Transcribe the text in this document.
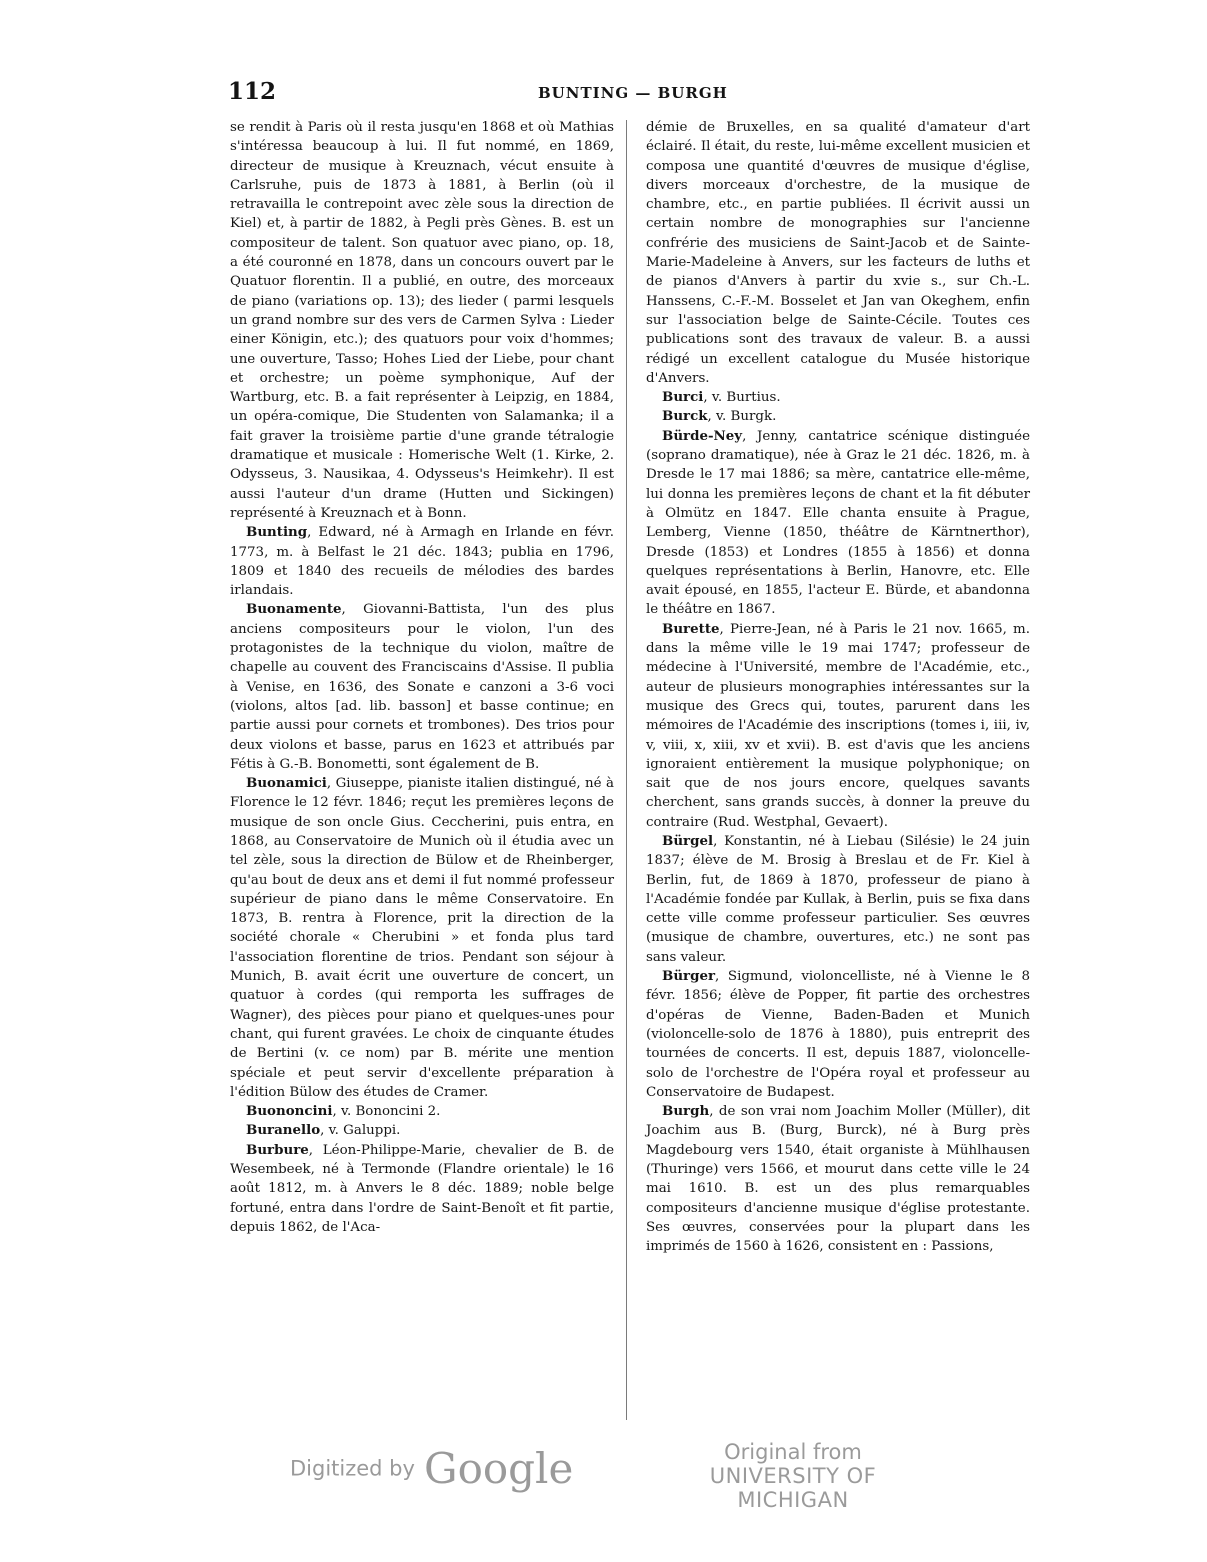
112	BUNTING — BURGH

se rendit à Paris où il resta jusqu'en 1868 et où Mathias s'intéressa beaucoup à lui. Il fut nommé, en 1869, directeur de musique à Kreuznach, vécut ensuite à Carlsruhe, puis de 1873 à 1881, à Berlin (où il retravailla le contrepoint avec zèle sous la direction de Kiel) et, à partir de 1882, à Pegli près Gènes. B. est un compositeur de talent. Son quatuor avec piano, op. 18, a été couronné en 1878, dans un concours ouvert par le Quatuor florentin. Il a publié, en outre, des morceaux de piano (variations op. 13); des lieder ( parmi lesquels un grand nombre sur des vers de Carmen Sylva : Lieder einer Königin, etc.); des quatuors pour voix d'hommes; une ouverture, Tasso; Hohes Lied der Liebe, pour chant et orchestre; un poème symphonique, Auf der Wartburg, etc. B. a fait représenter à Leipzig, en 1884, un opéra-comique, Die Studenten von Salamanka; il a fait graver la troisième partie d'une grande tétralogie dramatique et musicale : Homerische Welt (1. Kirke, 2. Odysseus, 3. Nausikaa, 4. Odysseus's Heimkehr). Il est aussi l'auteur d'un drame (Hutten und Sickingen) représenté à Kreuznach et à Bonn.

Bunting, Edward, né à Armagh en Irlande en févr. 1773, m. à Belfast le 21 déc. 1843; publia en 1796, 1809 et 1840 des recueils de mélodies des bardes irlandais.

Buonamente, Giovanni-Battista, l'un des plus anciens compositeurs pour le violon, l'un des protagonistes de la technique du violon, maître de chapelle au couvent des Franciscains d'Assise. Il publia à Venise, en 1636, des Sonate e canzoni a 3-6 voci (violons, altos [ad. lib. basson] et basse continue; en partie aussi pour cornets et trombones). Des trios pour deux violons et basse, parus en 1623 et attribués par Fétis à G.-B. Bonometti, sont également de B.

Buonamici, Giuseppe, pianiste italien distingué, né à Florence le 12 févr. 1846; reçut les premières leçons de musique de son oncle Gius. Ceccherini, puis entra, en 1868, au Conservatoire de Munich où il étudia avec un tel zèle, sous la direction de Bülow et de Rheinberger, qu'au bout de deux ans et demi il fut nommé professeur supérieur de piano dans le même Conservatoire. En 1873, B. rentra à Florence, prit la direction de la société chorale « Cherubini » et fonda plus tard l'association florentine de trios. Pendant son séjour à Munich, B. avait écrit une ouverture de concert, un quatuor à cordes (qui remporta les suffrages de Wagner), des pièces pour piano et quelques-unes pour chant, qui furent gravées. Le choix de cinquante études de Bertini (v. ce nom) par B. mérite une mention spéciale et peut servir d'excellente préparation à l'édition Bülow des études de Cramer.

Buononcini, v. Bononcini 2.

Buranello, v. Galuppi.

Burbure, Léon-Philippe-Marie, chevalier de B. de Wesembeek, né à Termonde (Flandre orientale) le 16 août 1812, m. à Anvers le 8 déc. 1889; noble belge fortuné, entra dans l'ordre de Saint-Benoît et fit partie, depuis 1862, de l'Aca-

démie de Bruxelles, en sa qualité d'amateur d'art éclairé. Il était, du reste, lui-même excellent musicien et composa une quantité d'œuvres de musique d'église, divers morceaux d'orchestre, de la musique de chambre, etc., en partie publiées. Il écrivit aussi un certain nombre de monographies sur l'ancienne confrérie des musiciens de Saint-Jacob et de Sainte-Marie-Madeleine à Anvers, sur les facteurs de luths et de pianos d'Anvers à partir du xvie s., sur Ch.-L. Hanssens, C.-F.-M. Bosselet et Jan van Okeghem, enfin sur l'association belge de Sainte-Cécile. Toutes ces publications sont des travaux de valeur. B. a aussi rédigé un excellent catalogue du Musée historique d'Anvers.

Burci, v. Burtius.

Burck, v. Burgk.

Bürde-Ney, Jenny, cantatrice scénique distinguée (soprano dramatique), née à Graz le 21 déc. 1826, m. à Dresde le 17 mai 1886; sa mère, cantatrice elle-même, lui donna les premières leçons de chant et la fit débuter à Olmütz en 1847. Elle chanta ensuite à Prague, Lemberg, Vienne (1850, théâtre de Kärntnerthor), Dresde (1853) et Londres (1855 à 1856) et donna quelques représentations à Berlin, Hanovre, etc. Elle avait épousé, en 1855, l'acteur E. Bürde, et abandonna le théâtre en 1867.

Burette, Pierre-Jean, né à Paris le 21 nov. 1665, m. dans la même ville le 19 mai 1747; professeur de médecine à l'Université, membre de l'Académie, etc., auteur de plusieurs monographies intéressantes sur la musique des Grecs qui, toutes, parurent dans les mémoires de l'Académie des inscriptions (tomes i, iii, iv, v, viii, x, xiii, xv et xvii). B. est d'avis que les anciens ignoraient entièrement la musique polyphonique; on sait que de nos jours encore, quelques savants cherchent, sans grands succès, à donner la preuve du contraire (Rud. Westphal, Gevaert).

Bürgel, Konstantin, né à Liebau (Silésie) le 24 juin 1837; élève de M. Brosig à Breslau et de Fr. Kiel à Berlin, fut, de 1869 à 1870, professeur de piano à l'Académie fondée par Kullak, à Berlin, puis se fixa dans cette ville comme professeur particulier. Ses œuvres (musique de chambre, ouvertures, etc.) ne sont pas sans valeur.

Bürger, Sigmund, violoncelliste, né à Vienne le 8 févr. 1856; élève de Popper, fit partie des orchestres d'opéras de Vienne, Baden-Baden et Munich (violoncelle-solo de 1876 à 1880), puis entreprit des tournées de concerts. Il est, depuis 1887, violoncelle-solo de l'orchestre de l'Opéra royal et professeur au Conservatoire de Budapest.

Burgh, de son vrai nom Joachim Moller (Müller), dit Joachim aus B. (Burg, Burck), né à Burg près Magdebourg vers 1540, était organiste à Mühlhausen (Thuringe) vers 1566, et mourut dans cette ville le 24 mai 1610. B. est un des plus remarquables compositeurs d'ancienne musique d'église protestante. Ses œuvres, conservées pour la plupart dans les imprimés de 1560 à 1626, consistent en : Passions,

Digitized by Google	Original from
UNIVERSITY OF MICHIGAN
